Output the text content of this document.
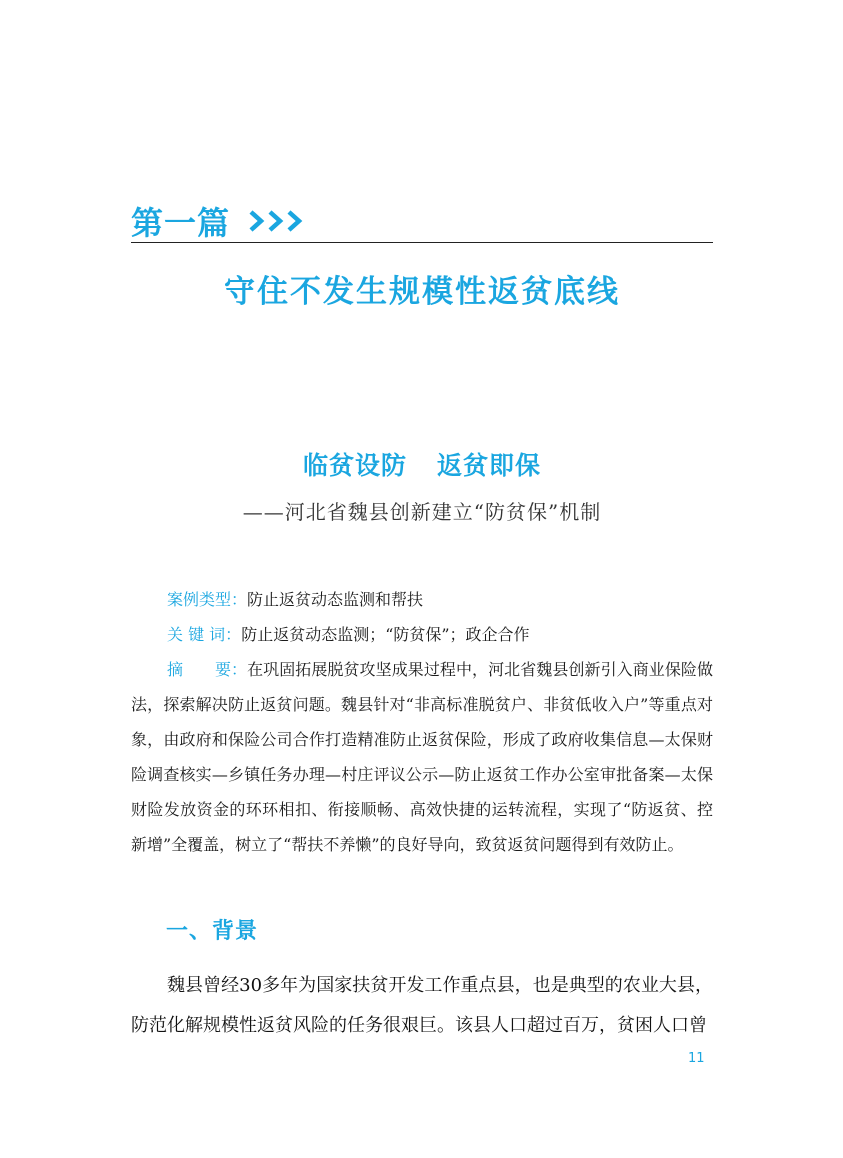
第一篇
守住不发生规模性返贫底线
临贫设防 返贫即保
——河北省魏县创新建立“防贫保”机制
案例类型：防止返贫动态监测和帮扶
关 键 词：防止返贫动态监测；“防贫保”；政企合作
摘　　要：在巩固拓展脱贫攻坚成果过程中，河北省魏县创新引入商业保险做法，探索解决防止返贫问题。魏县针对“非高标准脱贫户、非贫低收入户”等重点对象，由政府和保险公司合作打造精准防止返贫保险，形成了政府收集信息—太保财险调查核实—乡镇任务办理—村庄评议公示—防止返贫工作办公室审批备案—太保财险发放资金的环环相扣、衔接顺畅、高效快捷的运转流程，实现了“防返贫、控新增”全覆盖，树立了“帮扶不养懒”的良好导向，致贫返贫问题得到有效防止。
一、背景
魏县曾经30多年为国家扶贫开发工作重点县，也是典型的农业大县，防范化解规模性返贫风险的任务很艰巨。该县人口超过百万，贫困人口曾
11
